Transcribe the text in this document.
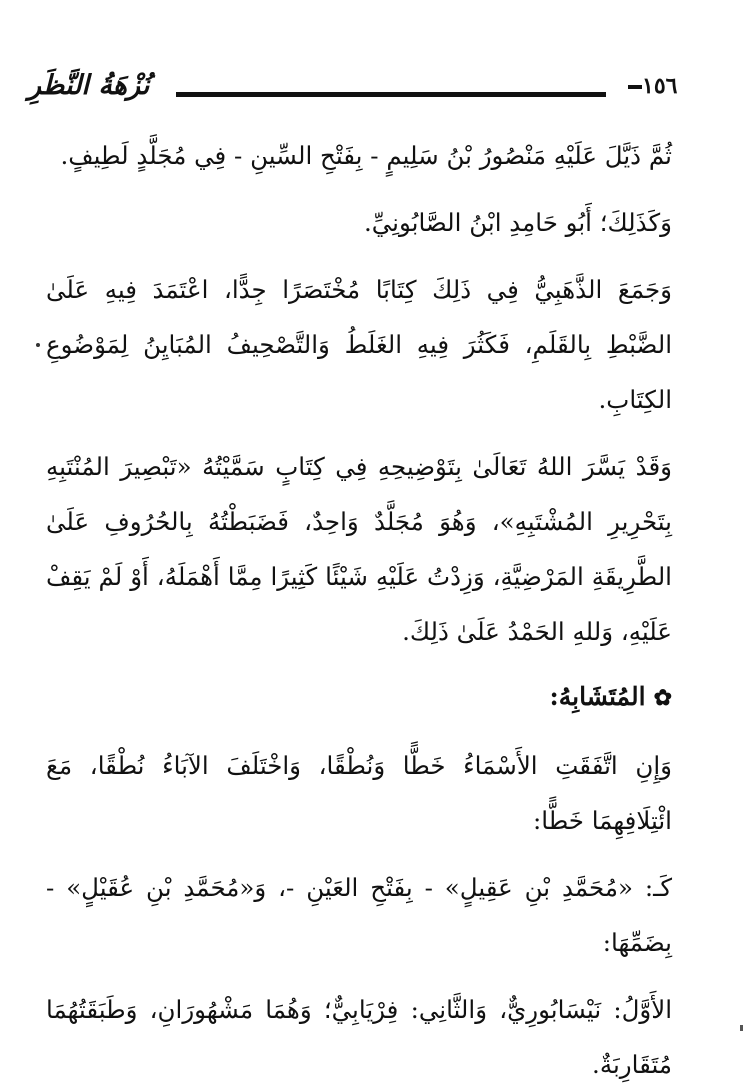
نُزْهَةُ النَّظَرِ	١٥٦

ثُمَّ ذَيَّلَ عَلَيْهِ مَنْصُورُ بْنُ سَلِيمٍ - بِفَتْحِ السِّينِ - فِي مُجَلَّدٍ لَطِيفٍ.

وَكَذَلِكَ؛ أَبُو حَامِدِ ابْنُ الصَّابُونِيِّ.

وَجَمَعَ الذَّهَبِيُّ فِي ذَلِكَ كِتَابًا مُخْتَصَرًا جِدًّا، اعْتَمَدَ فِيهِ عَلَىٰ الضَّبْطِ بِالقَلَمِ، فَكَثُرَ فِيهِ الغَلَطُ وَالتَّصْحِيفُ المُبَايِنُ لِمَوْضُوعِ الكِتَابِ.

وَقَدْ يَسَّرَ اللهُ تَعَالَىٰ بِتَوْضِيحِهِ فِي كِتَابٍ سَمَّيْتُهُ «تَبْصِيرَ المُنْتَبِهِ بِتَحْرِيرِ المُشْتَبِهِ»، وَهُوَ مُجَلَّدٌ وَاحِدٌ، فَضَبَطْتُهُ بِالحُرُوفِ عَلَىٰ الطَّرِيقَةِ المَرْضِيَّةِ، وَزِدْتُ عَلَيْهِ شَيْئًا كَثِيرًا مِمَّا أَهْمَلَهُ، أَوْ لَمْ يَقِفْ عَلَيْهِ، وَللهِ الحَمْدُ عَلَىٰ ذَلِكَ.

✿المُتَشَابِهُ:

وَإِنِ اتَّفَقَتِ الأَسْمَاءُ خَطًّا وَنُطْقًا، وَاخْتَلَفَ الآبَاءُ نُطْقًا، مَعَ ائْتِلَافِهِمَا خَطًّا:

كَـ: «مُحَمَّدِ بْنِ عَقِيلٍ» - بِفَتْحِ العَيْنِ -، وَ«مُحَمَّدِ بْنِ عُقَيْلٍ» - بِضَمِّهَا:

الأَوَّلُ: نَيْسَابُورِيٌّ، وَالثَّانِي: فِرْيَابِيٌّ؛ وَهُمَا مَشْهُورَانِ، وَطَبَقَتُهُمَا مُتَقَارِبَةٌ.
